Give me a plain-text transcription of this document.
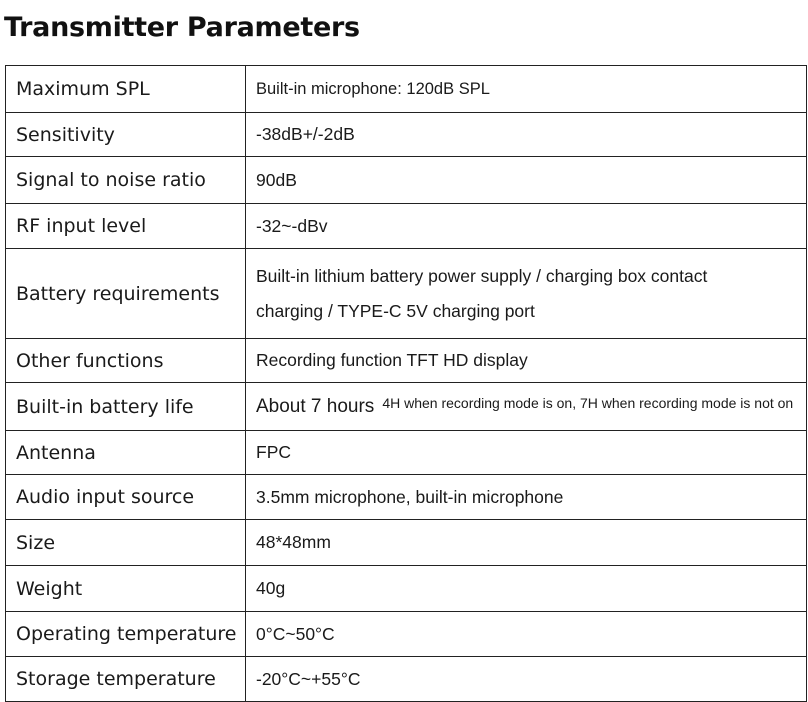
Transmitter Parameters
Maximum SPL	Built-in microphone: 120dB SPL
Sensitivity	-38dB+/-2dB
Signal to noise ratio	90dB
RF input level	-32~-dBv
Battery requirements	Built-in lithium battery power supply / charging box contact
charging / TYPE-C 5V charging port

Other functions	Recording function TFT HD display
Built-in battery life	About 7 hours 4H when recording mode is on, 7H when recording mode is not on

Antenna	FPC
Audio input source	3.5mm microphone, built-in microphone
Size	48*48mm
Weight	40g
Operating temperature	0°C~50°C
Storage temperature	-20°C~+55°C
